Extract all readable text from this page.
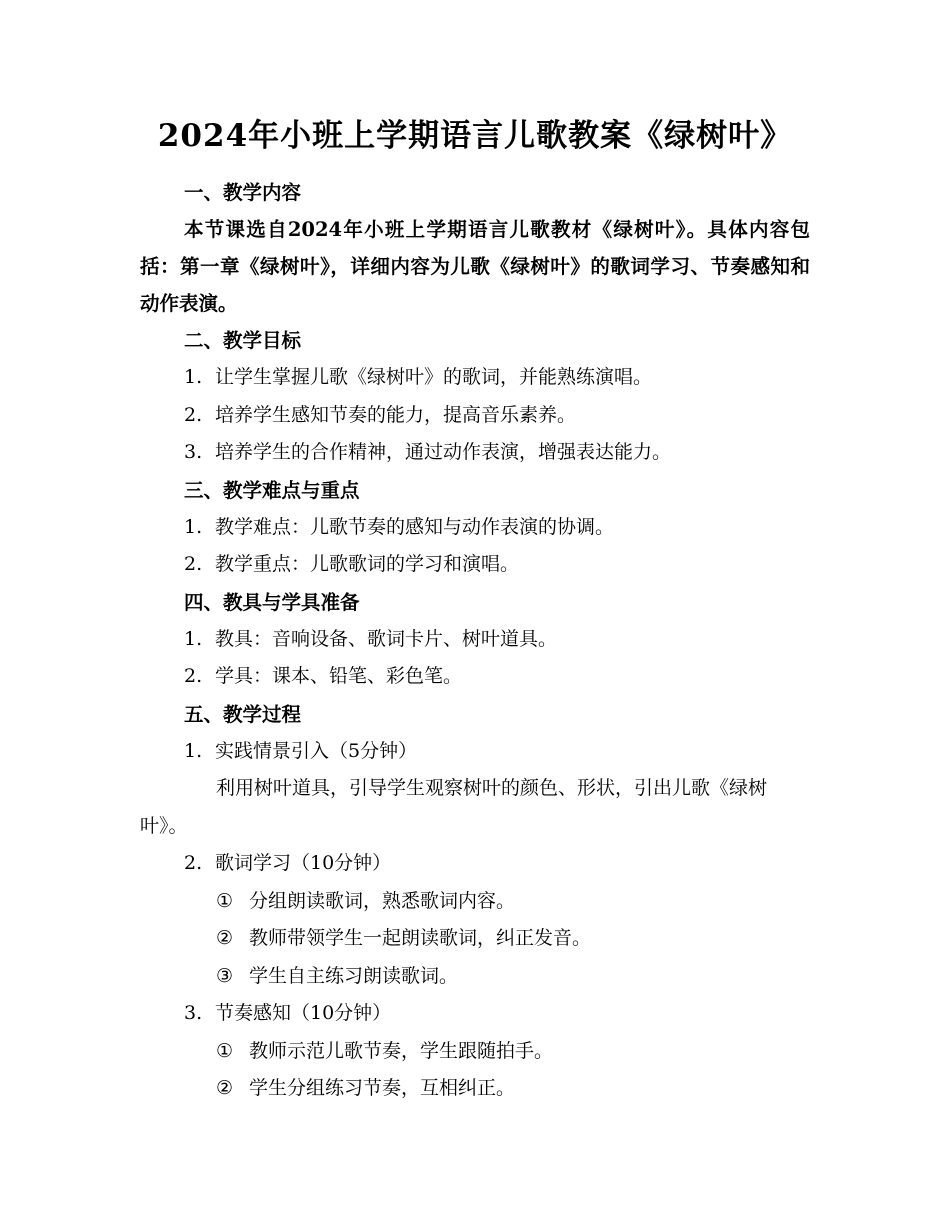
2024年小班上学期语言儿歌教案《绿树叶》
一、教学内容
本节课选自2024年小班上学期语言儿歌教材《绿树叶》。具体内容包括：第一章《绿树叶》，详细内容为儿歌《绿树叶》的歌词学习、节奏感知和动作表演。
二、教学目标
1. 让学生掌握儿歌《绿树叶》的歌词，并能熟练演唱。
2. 培养学生感知节奏的能力，提高音乐素养。
3. 培养学生的合作精神，通过动作表演，增强表达能力。
三、教学难点与重点
1. 教学难点：儿歌节奏的感知与动作表演的协调。
2. 教学重点：儿歌歌词的学习和演唱。
四、教具与学具准备
1. 教具：音响设备、歌词卡片、树叶道具。
2. 学具：课本、铅笔、彩色笔。
五、教学过程
1. 实践情景引入（5分钟）
利用树叶道具，引导学生观察树叶的颜色、形状，引出儿歌《绿树叶》。
2. 歌词学习（10分钟）
① 分组朗读歌词，熟悉歌词内容。
② 教师带领学生一起朗读歌词，纠正发音。
③ 学生自主练习朗读歌词。
3. 节奏感知（10分钟）
① 教师示范儿歌节奏，学生跟随拍手。
② 学生分组练习节奏，互相纠正。
